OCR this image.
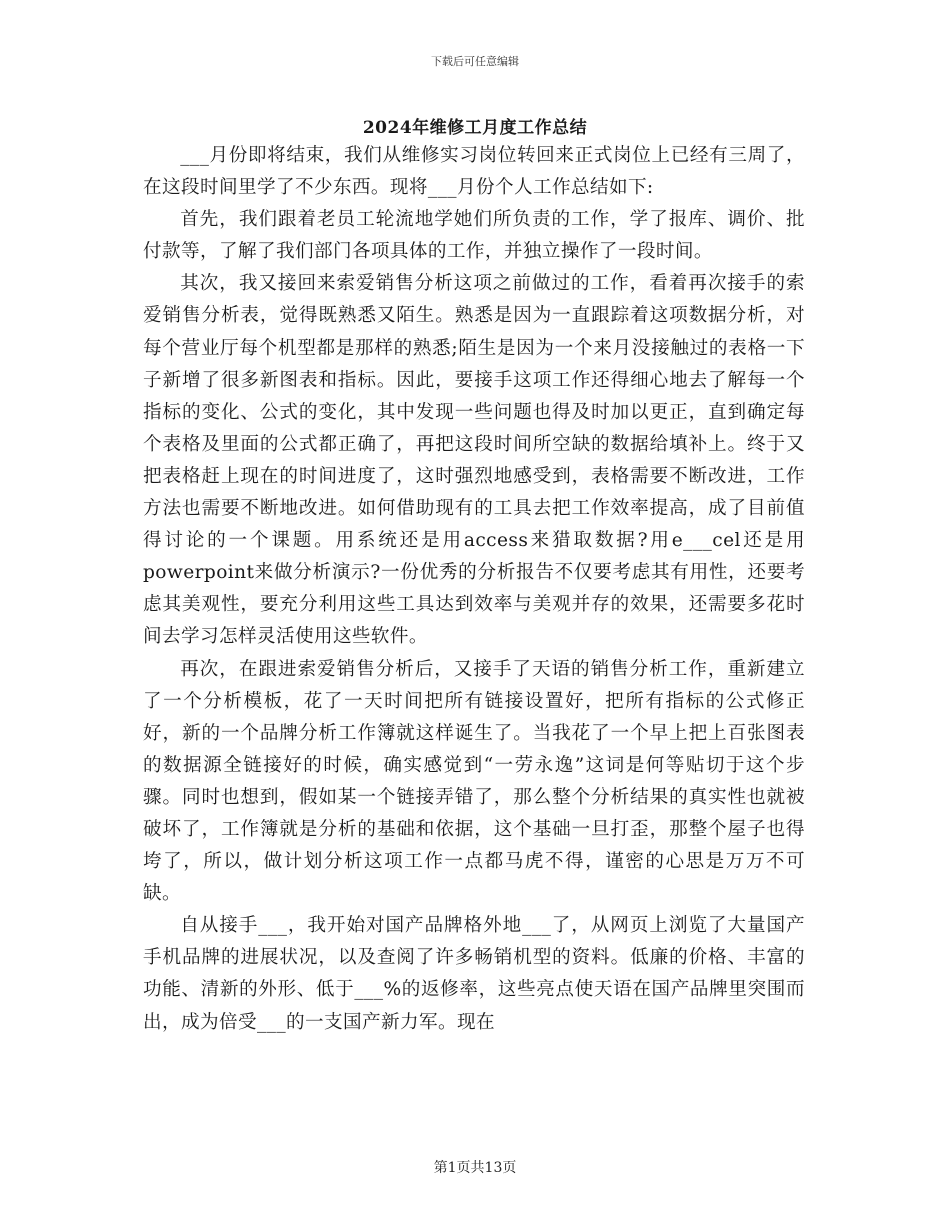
下载后可任意编辑
2024年维修工月度工作总结

___月份即将结束，我们从维修实习岗位转回来正式岗位上已经有三周了，在这段时间里学了不少东西。现将___月份个人工作总结如下:

首先，我们跟着老员工轮流地学她们所负责的工作，学了报库、调价、批付款等，了解了我们部门各项具体的工作，并独立操作了一段时间。

其次，我又接回来索爱销售分析这项之前做过的工作，看着再次接手的索爱销售分析表，觉得既熟悉又陌生。熟悉是因为一直跟踪着这项数据分析，对每个营业厅每个机型都是那样的熟悉;陌生是因为一个来月没接触过的表格一下子新增了很多新图表和指标。因此，要接手这项工作还得细心地去了解每一个指标的变化、公式的变化，其中发现一些问题也得及时加以更正，直到确定每个表格及里面的公式都正确了，再把这段时间所空缺的数据给填补上。终于又把表格赶上现在的时间进度了，这时强烈地感受到，表格需要不断改进，工作方法也需要不断地改进。如何借助现有的工具去把工作效率提高，成了目前值得讨论的一个课题。用系统还是用access来猎取数据?用e___cel还是用powerpoint来做分析演示?一份优秀的分析报告不仅要考虑其有用性，还要考虑其美观性，要充分利用这些工具达到效率与美观并存的效果，还需要多花时间去学习怎样灵活使用这些软件。

再次，在跟进索爱销售分析后，又接手了天语的销售分析工作，重新建立了一个分析模板，花了一天时间把所有链接设置好，把所有指标的公式修正好，新的一个品牌分析工作簿就这样诞生了。当我花了一个早上把上百张图表的数据源全链接好的时候，确实感觉到“一劳永逸”这词是何等贴切于这个步骤。同时也想到，假如某一个链接弄错了，那么整个分析结果的真实性也就被破坏了，工作簿就是分析的基础和依据，这个基础一旦打歪，那整个屋子也得垮了，所以，做计划分析这项工作一点都马虎不得，谨密的心思是万万不可缺。

自从接手___，我开始对国产品牌格外地___了，从网页上浏览了大量国产手机品牌的进展状况，以及查阅了许多畅销机型的资料。低廉的价格、丰富的功能、清新的外形、低于___%的返修率，这些亮点使天语在国产品牌里突围而出，成为倍受___的一支国产新力军。现在

第1页共13页
